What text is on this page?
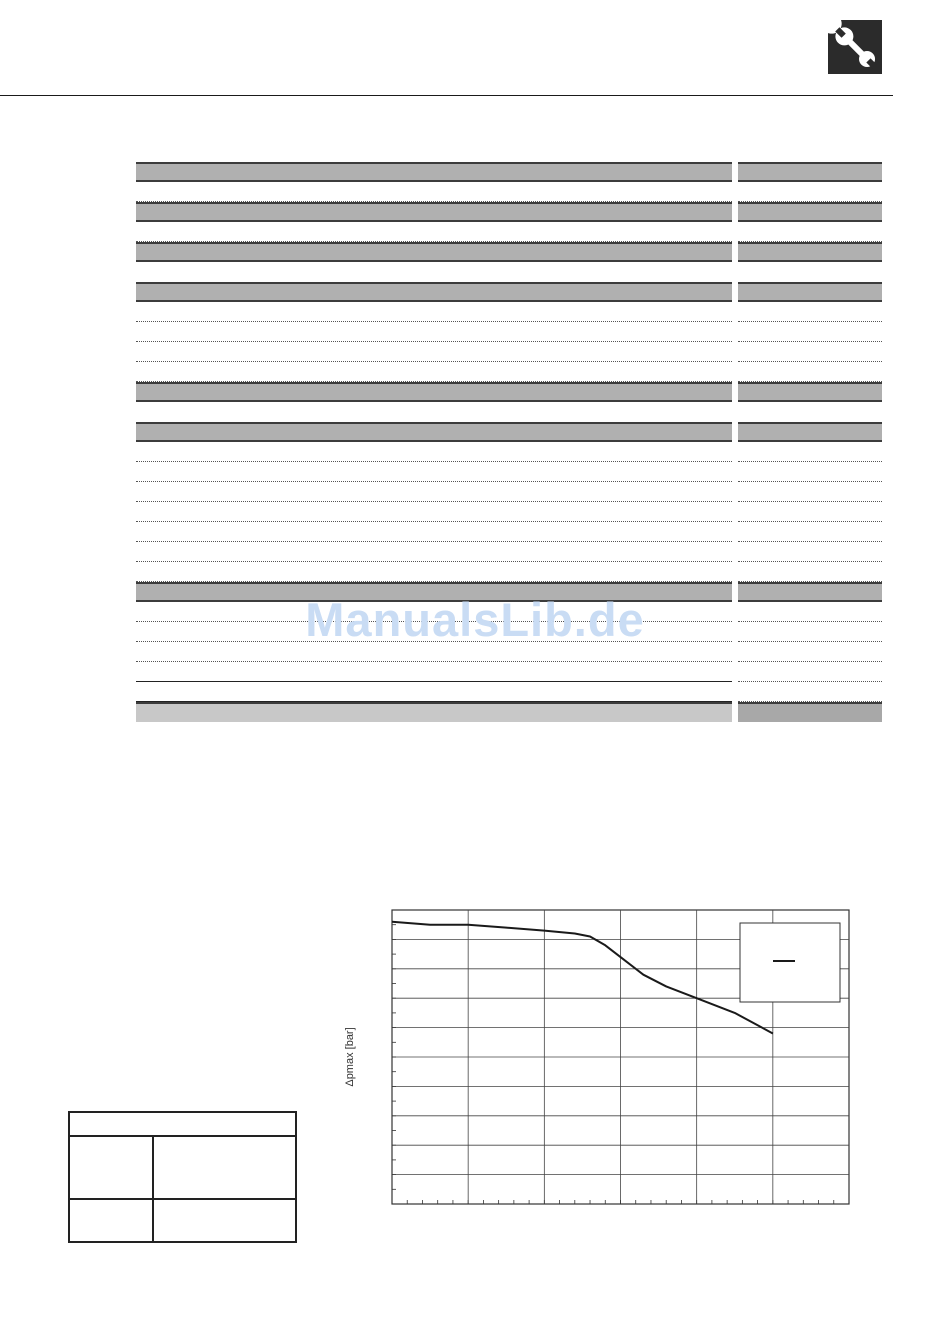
ManualsLib.de
Δpmax [bar]
